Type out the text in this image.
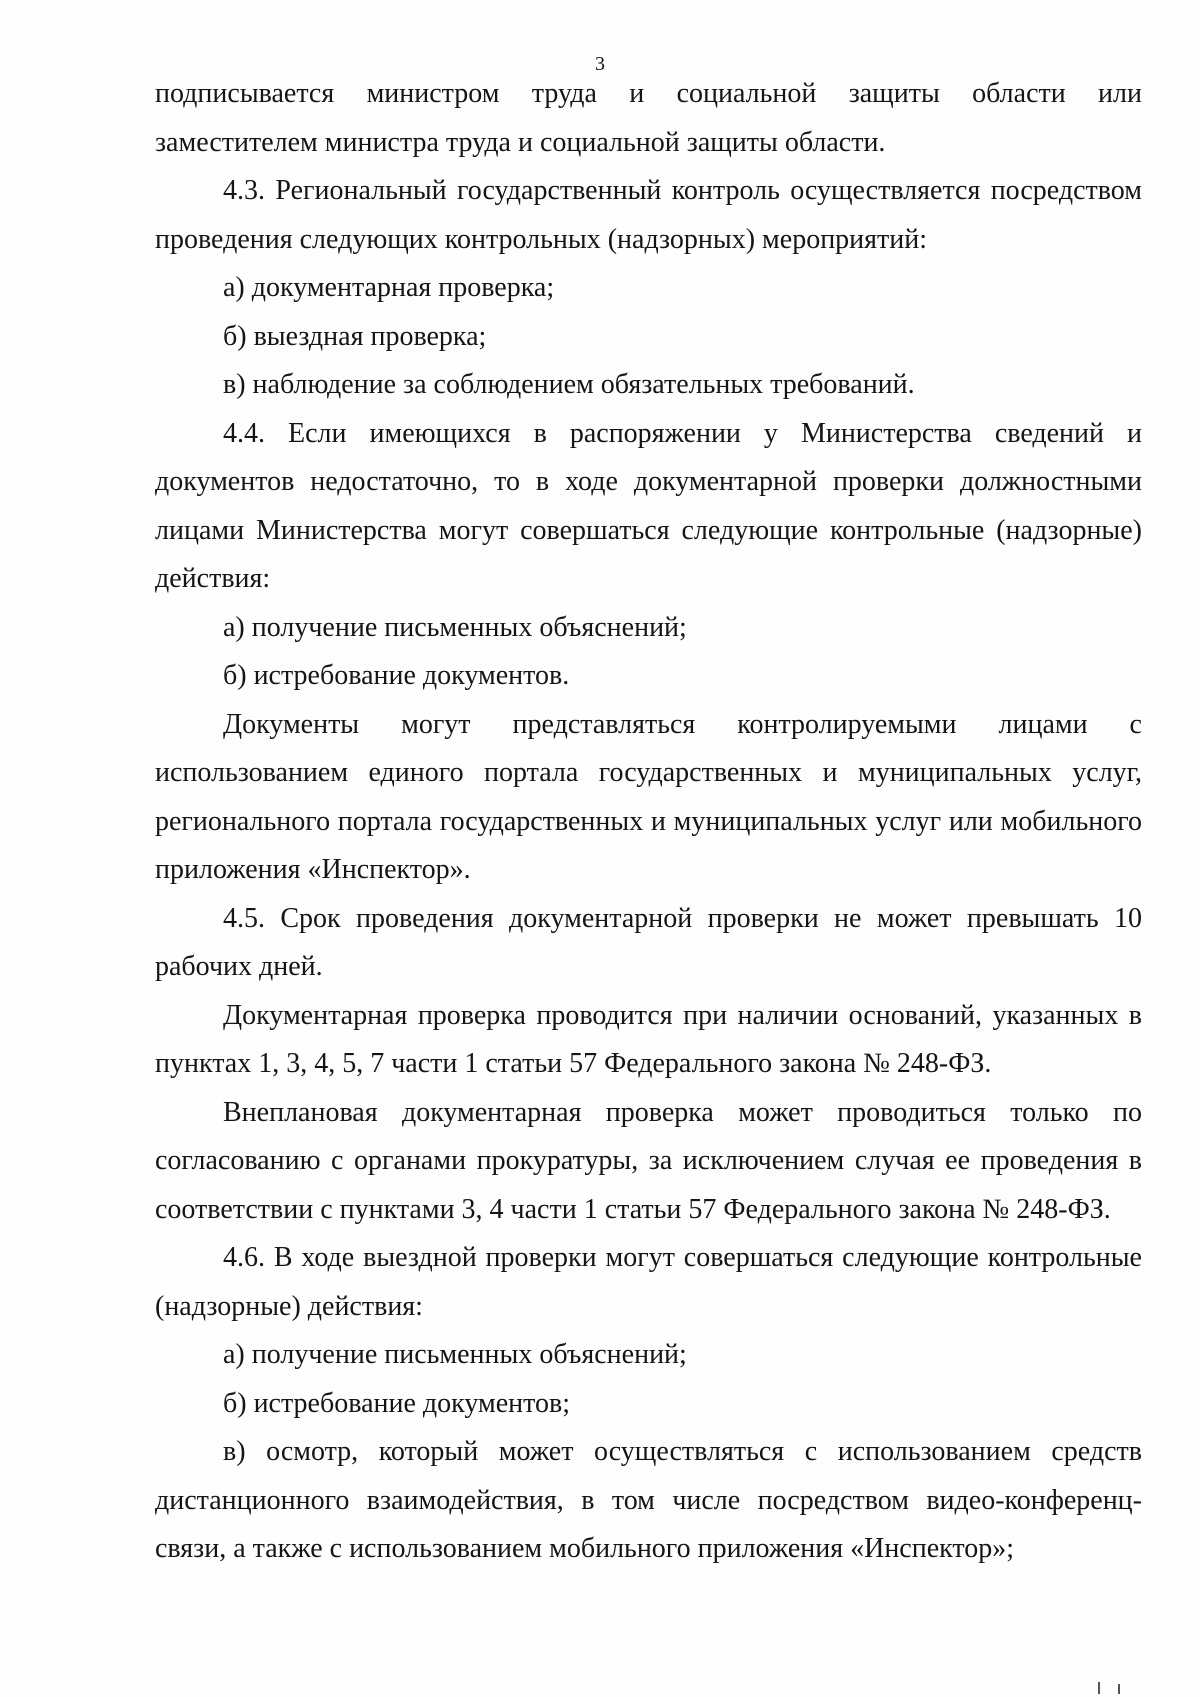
3

подписывается министром труда и социальной защиты области или

заместителем министра труда и социальной защиты области.

4.3. Региональный государственный контроль осуществляется посредством проведения следующих контрольных (надзорных) мероприятий:

а) документарная проверка;

б) выездная проверка;

в) наблюдение за соблюдением обязательных требований.

4.4. Если имеющихся в распоряжении у Министерства сведений и документов недостаточно, то в ходе документарной проверки должностными лицами Министерства могут совершаться следующие контрольные (надзорные) действия:

а) получение письменных объяснений;

б) истребование документов.

Документы могут представляться контролируемыми лицами с использованием единого портала государственных и муниципальных услуг, регионального портала государственных и муниципальных услуг или мобильного приложения «Инспектор».

4.5. Срок проведения документарной проверки не может превышать 10 рабочих дней.

Документарная проверка проводится при наличии оснований, указанных в пунктах 1, 3, 4, 5, 7 части 1 статьи 57 Федерального закона № 248-ФЗ.

Внеплановая документарная проверка может проводиться только по согласованию с органами прокуратуры, за исключением случая ее проведения в соответствии с пунктами 3, 4 части 1 статьи 57 Федерального закона № 248-ФЗ.

4.6. В ходе выездной проверки могут совершаться следующие контрольные (надзорные) действия:

а) получение письменных объяснений;

б) истребование документов;

в) осмотр, который может осуществляться с использованием средств дистанционного взаимодействия, в том числе посредством видео-конференц-связи, а также с использованием мобильного приложения «Инспектор»;
